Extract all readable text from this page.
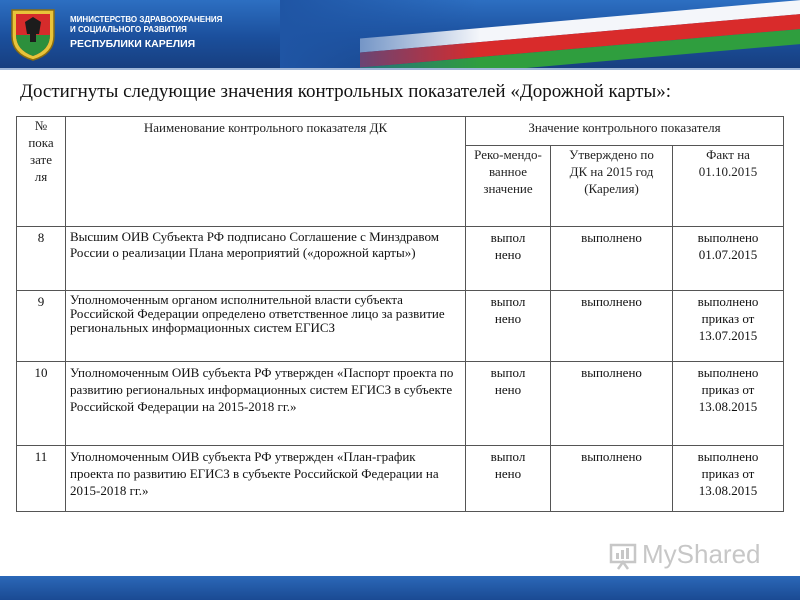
МИНИСТЕРСТВО ЗДРАВООХРАНЕНИЯ
И СОЦИАЛЬНОГО РАЗВИТИЯ
РЕСПУБЛИКИ КАРЕЛИЯ
Достигнуты следующие значения контрольных показателей «Дорожной карты»:
№ пока зате ля	Наименование контрольного показателя ДК	Значение контрольного показателя		
		Реко-мендо-ванное значение	Утверждено по ДК на 2015 год (Карелия)	Факт на 01.10.2015
8	Высшим ОИВ Субъекта РФ подписано Соглашение с Минздравом России о реализации Плана мероприятий («дорожной карты»)	выпол нено	выполнено	выполнено 01.07.2015
9	Уполномоченным органом исполнительной власти субъекта Российской Федерации определено ответственное лицо за развитие региональных информационных систем ЕГИСЗ	выпол нено	выполнено	выполнено приказ от 13.07.2015
10	Уполномоченным ОИВ субъекта РФ утвержден «Паспорт проекта по развитию региональных информационных систем ЕГИСЗ в субъекте Российской Федерации на 2015-2018 гг.»	выпол нено	выполнено	выполнено приказ от 13.08.2015
11	Уполномоченным ОИВ субъекта РФ утвержден «План-график проекта по развитию ЕГИСЗ в субъекте Российской Федерации на 2015-2018 гг.»	выпол нено	выполнено	выполнено приказ от 13.08.2015
MyShared
